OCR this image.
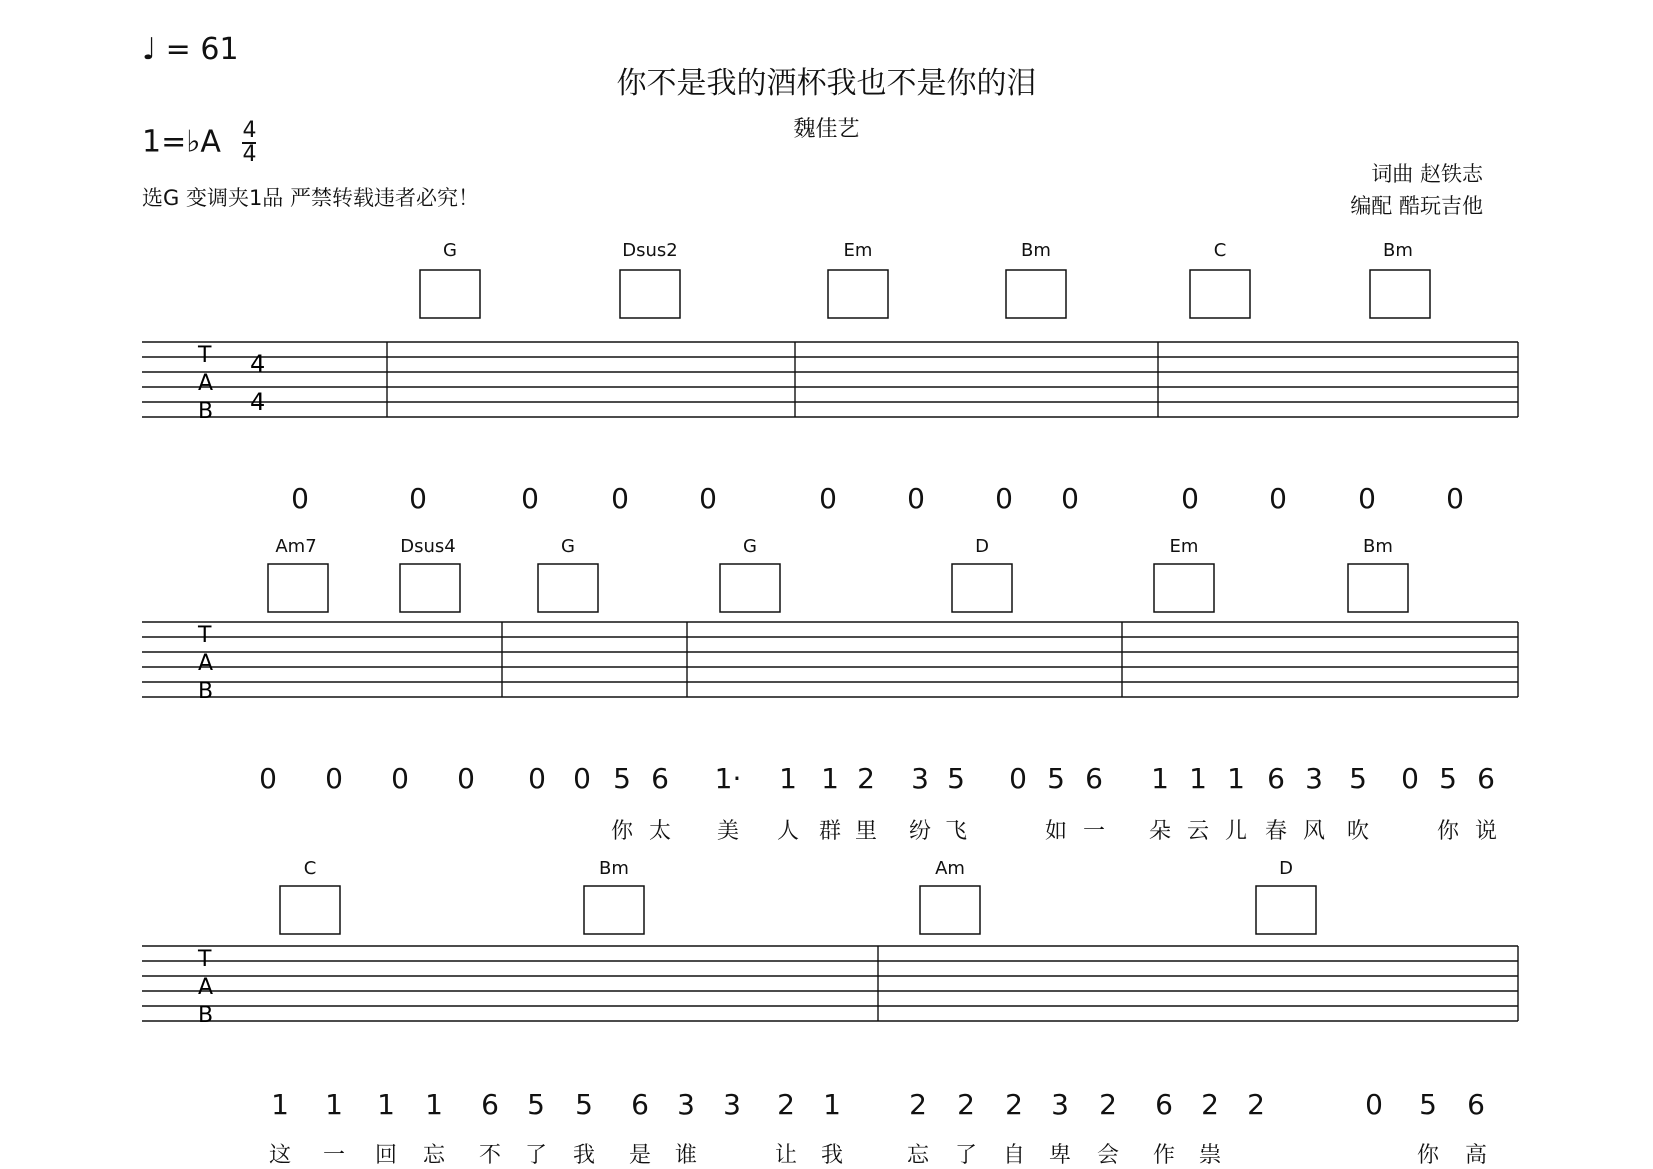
♩ = 61
你不是我的酒杯我也不是你的泪
魏佳艺
1=♭A $\frac{4}{4}$
选G 变调夹1品 严禁转载违者必究！
词曲 赵铁志
编配 酷玩吉他
G	Dsus2	Em	Bm	C	Bm
T
A
B
4
4
0	0	0	0	0	0	0	0	0	0	0	0	0
Am7	Dsus4	G	G	D	Em	Bm
T
A
B
0	0	0	0	0 0 5 6	1·	1 1 2	3 5	0 5 6	1 1 1 6 3 5	0 5 6
你 太	美	人 群 里	纷 飞	如 一	朵 云 儿 春 风 吹	你 说
C	Bm	Am	D
T
A
B
1	1	1	1	6	5	5	6	3	3	2	1	2	2	2	3	2	6	2	2	0	5	6
这	一	回	忘	不	了	我	是	谁	让	我	忘	了	自	卑	会	作	祟	你	高
